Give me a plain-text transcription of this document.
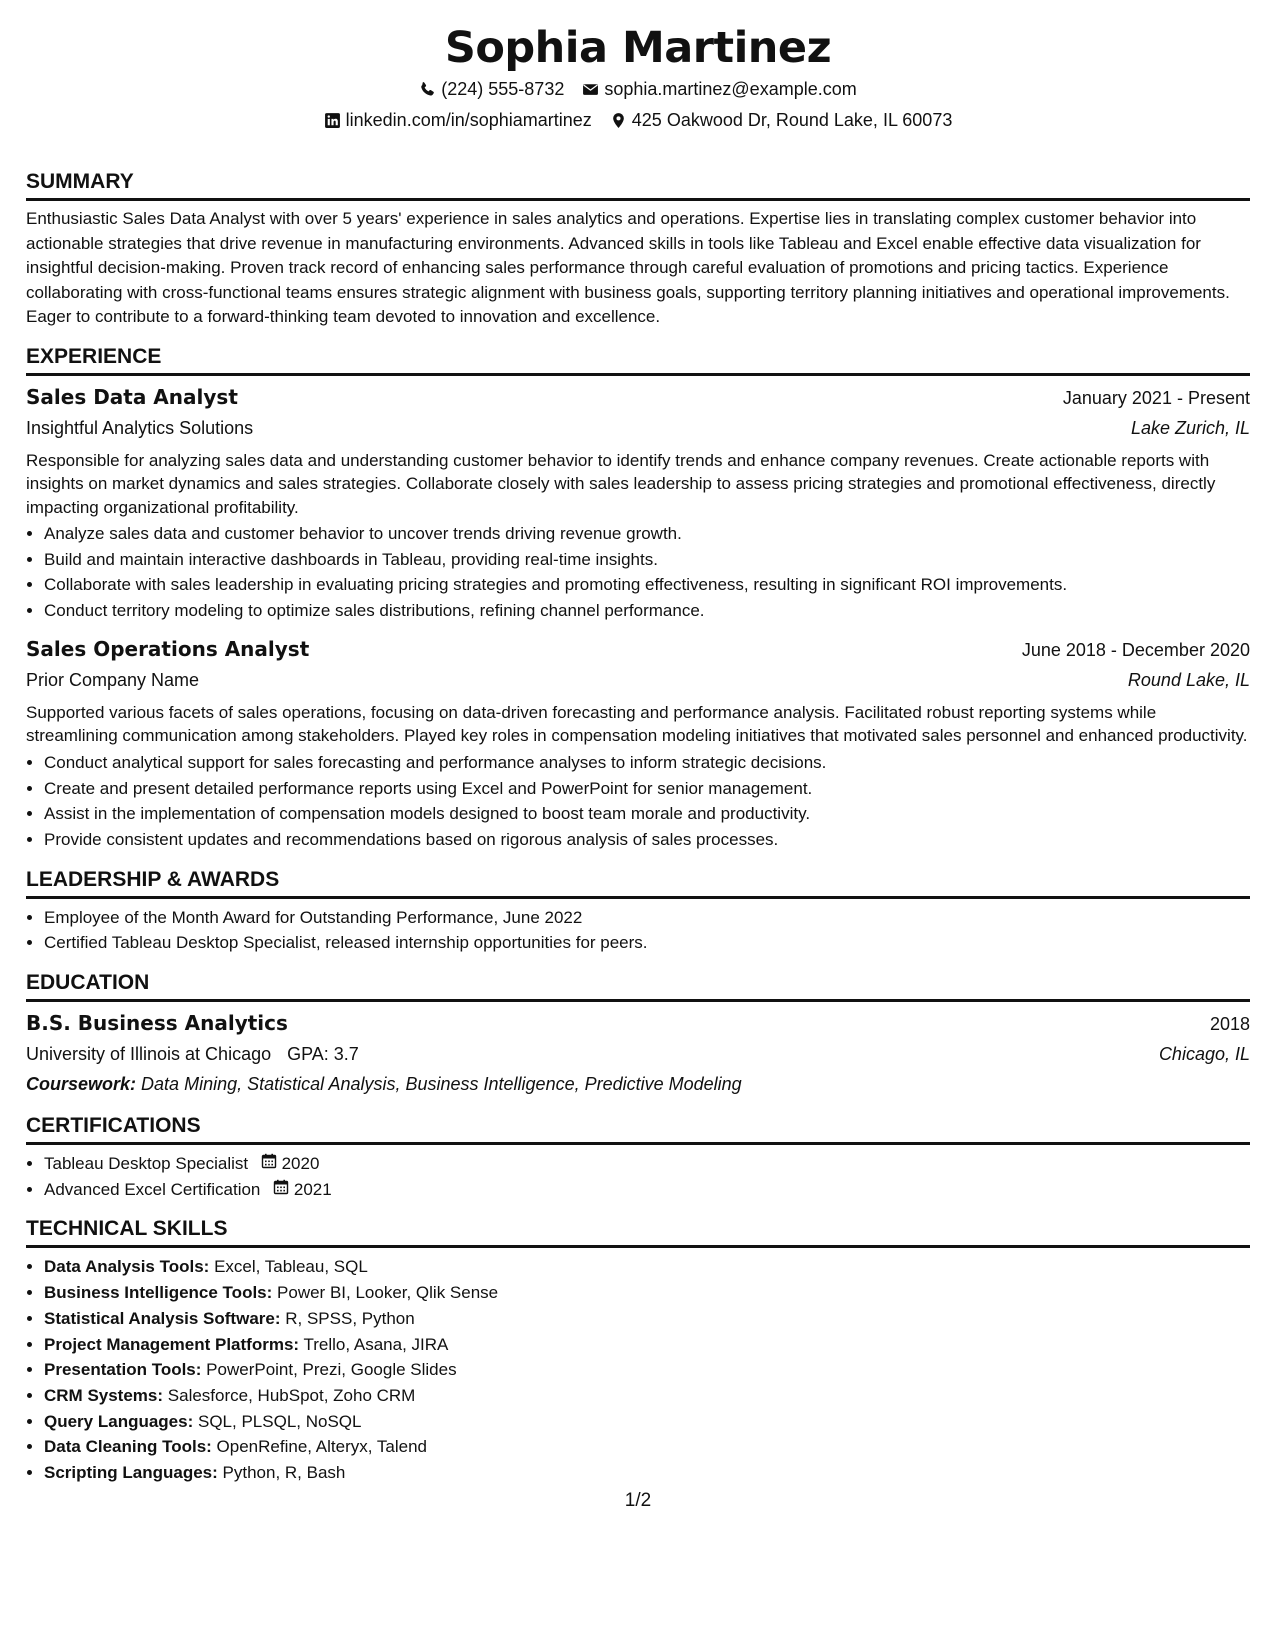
Sophia Martinez
(224) 555-8732 sophia.martinez@example.com
linkedin.com/in/sophiamartinez 425 Oakwood Dr, Round Lake, IL 60073
SUMMARY
Enthusiastic Sales Data Analyst with over 5 years' experience in sales analytics and operations. Expertise lies in translating complex customer behavior into actionable strategies that drive revenue in manufacturing environments. Advanced skills in tools like Tableau and Excel enable effective data visualization for insightful decision-making. Proven track record of enhancing sales performance through careful evaluation of promotions and pricing tactics. Experience collaborating with cross-functional teams ensures strategic alignment with business goals, supporting territory planning initiatives and operational improvements. Eager to contribute to a forward-thinking team devoted to innovation and excellence.
EXPERIENCE
Sales Data Analyst	January 2021 - Present
Insightful Analytics Solutions	Lake Zurich, IL
Responsible for analyzing sales data and understanding customer behavior to identify trends and enhance company revenues. Create actionable reports with insights on market dynamics and sales strategies. Collaborate closely with sales leadership to assess pricing strategies and promotional effectiveness, directly impacting organizational profitability.
• Analyze sales data and customer behavior to uncover trends driving revenue growth.
• Build and maintain interactive dashboards in Tableau, providing real-time insights.
• Collaborate with sales leadership in evaluating pricing strategies and promoting effectiveness, resulting in significant ROI improvements.
• Conduct territory modeling to optimize sales distributions, refining channel performance.
Sales Operations Analyst	June 2018 - December 2020
Prior Company Name	Round Lake, IL
Supported various facets of sales operations, focusing on data-driven forecasting and performance analysis. Facilitated robust reporting systems while streamlining communication among stakeholders. Played key roles in compensation modeling initiatives that motivated sales personnel and enhanced productivity.
• Conduct analytical support for sales forecasting and performance analyses to inform strategic decisions.
• Create and present detailed performance reports using Excel and PowerPoint for senior management.
• Assist in the implementation of compensation models designed to boost team morale and productivity.
• Provide consistent updates and recommendations based on rigorous analysis of sales processes.
LEADERSHIP & AWARDS
• Employee of the Month Award for Outstanding Performance, June 2022
• Certified Tableau Desktop Specialist, released internship opportunities for peers.
EDUCATION
B.S. Business Analytics	2018
University of Illinois at Chicago GPA: 3.7	Chicago, IL
Coursework: Data Mining, Statistical Analysis, Business Intelligence, Predictive Modeling
CERTIFICATIONS
• Tableau Desktop Specialist 2020
• Advanced Excel Certification 2021
TECHNICAL SKILLS
• Data Analysis Tools: Excel, Tableau, SQL
• Business Intelligence Tools: Power BI, Looker, Qlik Sense
• Statistical Analysis Software: R, SPSS, Python
• Project Management Platforms: Trello, Asana, JIRA
• Presentation Tools: PowerPoint, Prezi, Google Slides
• CRM Systems: Salesforce, HubSpot, Zoho CRM
• Query Languages: SQL, PLSQL, NoSQL
• Data Cleaning Tools: OpenRefine, Alteryx, Talend
• Scripting Languages: Python, R, Bash
1/2
